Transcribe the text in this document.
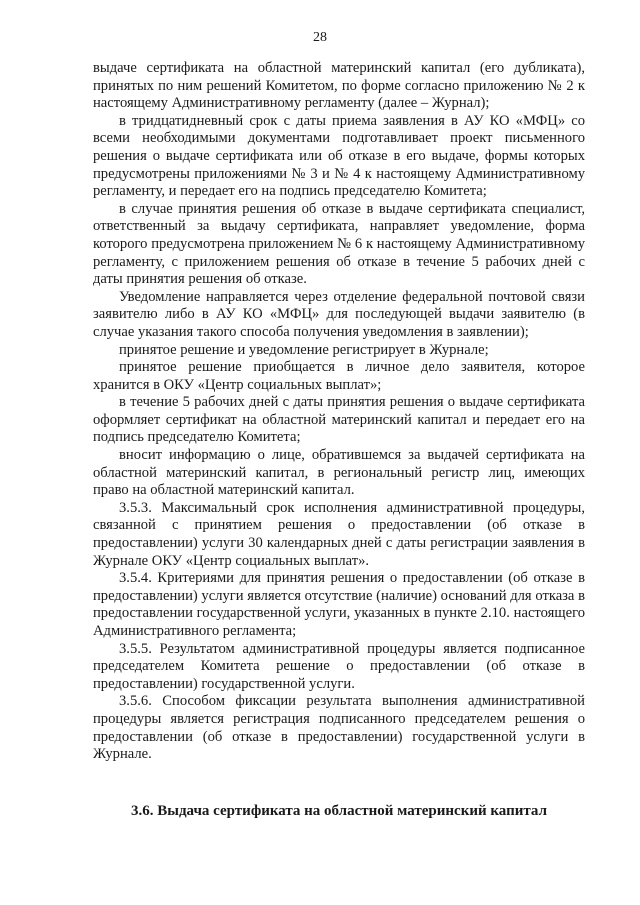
28

выдаче сертификата на областной материнский капитал (его дубликата), принятых по ним решений Комитетом, по форме согласно приложению № 2 к настоящему Административному регламенту (далее – Журнал);

в тридцатидневный срок с даты приема заявления в АУ КО «МФЦ» со всеми необходимыми документами подготавливает проект письменного решения о выдаче сертификата или об отказе в его выдаче, формы которых предусмотрены приложениями № 3 и № 4 к настоящему Административному регламенту, и передает его на подпись председателю Комитета;

в случае принятия решения об отказе в выдаче сертификата специалист, ответственный за выдачу сертификата, направляет уведомление, форма которого предусмотрена приложением № 6 к настоящему Административному регламенту, с приложением решения об отказе в течение 5 рабочих дней с даты принятия решения об отказе.

Уведомление направляется через отделение федеральной почтовой связи заявителю либо в АУ КО «МФЦ» для последующей выдачи заявителю (в случае указания такого способа получения уведомления в заявлении);

принятое решение и уведомление регистрирует в Журнале;

принятое решение приобщается в личное дело заявителя, которое хранится в ОКУ «Центр социальных выплат»;

в течение 5 рабочих дней с даты принятия решения о выдаче сертификата оформляет сертификат на областной материнский капитал и передает его на подпись председателю Комитета;

вносит информацию о лице, обратившемся за выдачей сертификата на областной материнский капитал, в региональный регистр лиц, имеющих право на областной материнский капитал.

3.5.3. Максимальный срок исполнения административной процедуры, связанной с принятием решения о предоставлении (об отказе в предоставлении) услуги 30 календарных дней с даты регистрации заявления в Журнале ОКУ «Центр социальных выплат».

3.5.4. Критериями для принятия решения о предоставлении (об отказе в предоставлении) услуги является отсутствие (наличие) оснований для отказа в предоставлении государственной услуги, указанных в пункте 2.10. настоящего Административного регламента;

3.5.5. Результатом административной процедуры является подписанное председателем Комитета решение о предоставлении (об отказе в предоставлении) государственной услуги.

3.5.6. Способом фиксации результата выполнения административной процедуры является регистрация подписанного председателем решения о предоставлении (об отказе в предоставлении) государственной услуги в Журнале.

3.6. Выдача сертификата на областной материнский капитал
